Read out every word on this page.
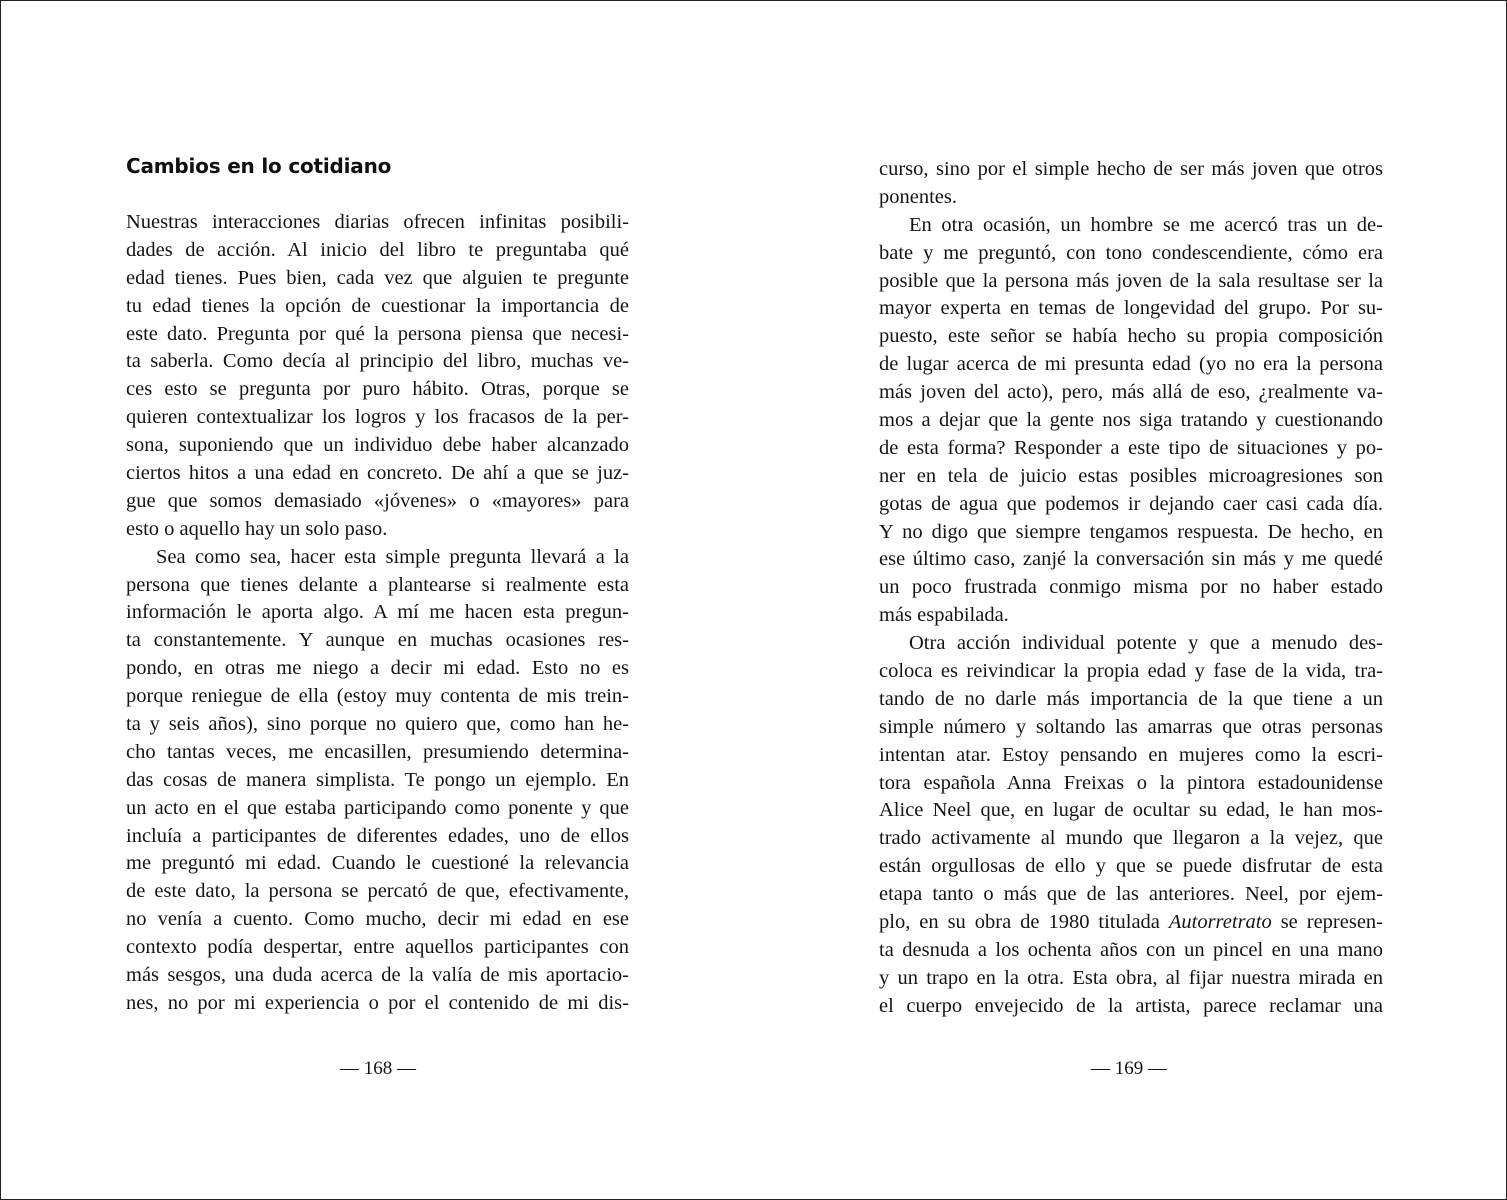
Cambios en lo cotidiano
Nuestras interacciones diarias ofrecen infinitas posibili-
dades de acción. Al inicio del libro te preguntaba qué
edad tienes. Pues bien, cada vez que alguien te pregunte
tu edad tienes la opción de cuestionar la importancia de
este dato. Pregunta por qué la persona piensa que necesi-
ta saberla. Como decía al principio del libro, muchas ve-
ces esto se pregunta por puro hábito. Otras, porque se
quieren contextualizar los logros y los fracasos de la per-
sona, suponiendo que un individuo debe haber alcanzado
ciertos hitos a una edad en concreto. De ahí a que se juz-
gue que somos demasiado «jóvenes» o «mayores» para
esto o aquello hay un solo paso.
Sea como sea, hacer esta simple pregunta llevará a la
persona que tienes delante a plantearse si realmente esta
información le aporta algo. A mí me hacen esta pregun-
ta constantemente. Y aunque en muchas ocasiones res-
pondo, en otras me niego a decir mi edad. Esto no es
porque reniegue de ella (estoy muy contenta de mis trein-
ta y seis años), sino porque no quiero que, como han he-
cho tantas veces, me encasillen, presumiendo determina-
das cosas de manera simplista. Te pongo un ejemplo. En
un acto en el que estaba participando como ponente y que
incluía a participantes de diferentes edades, uno de ellos
me preguntó mi edad. Cuando le cuestioné la relevancia
de este dato, la persona se percató de que, efectivamente,
no venía a cuento. Como mucho, decir mi edad en ese
contexto podía despertar, entre aquellos participantes con
más sesgos, una duda acerca de la valía de mis aportacio-
nes, no por mi experiencia o por el contenido de mi dis-
— 168 —
curso, sino por el simple hecho de ser más joven que otros
ponentes.
En otra ocasión, un hombre se me acercó tras un de-
bate y me preguntó, con tono condescendiente, cómo era
posible que la persona más joven de la sala resultase ser la
mayor experta en temas de longevidad del grupo. Por su-
puesto, este señor se había hecho su propia composición
de lugar acerca de mi presunta edad (yo no era la persona
más joven del acto), pero, más allá de eso, ¿realmente va-
mos a dejar que la gente nos siga tratando y cuestionando
de esta forma? Responder a este tipo de situaciones y po-
ner en tela de juicio estas posibles microagresiones son
gotas de agua que podemos ir dejando caer casi cada día.
Y no digo que siempre tengamos respuesta. De hecho, en
ese último caso, zanjé la conversación sin más y me quedé
un poco frustrada conmigo misma por no haber estado
más espabilada.
Otra acción individual potente y que a menudo des-
coloca es reivindicar la propia edad y fase de la vida, tra-
tando de no darle más importancia de la que tiene a un
simple número y soltando las amarras que otras personas
intentan atar. Estoy pensando en mujeres como la escri-
tora española Anna Freixas o la pintora estadounidense
Alice Neel que, en lugar de ocultar su edad, le han mos-
trado activamente al mundo que llegaron a la vejez, que
están orgullosas de ello y que se puede disfrutar de esta
etapa tanto o más que de las anteriores. Neel, por ejem-
plo, en su obra de 1980 titulada Autorretrato se represen-
ta desnuda a los ochenta años con un pincel en una mano
y un trapo en la otra. Esta obra, al fijar nuestra mirada en
el cuerpo envejecido de la artista, parece reclamar una
— 169 —
